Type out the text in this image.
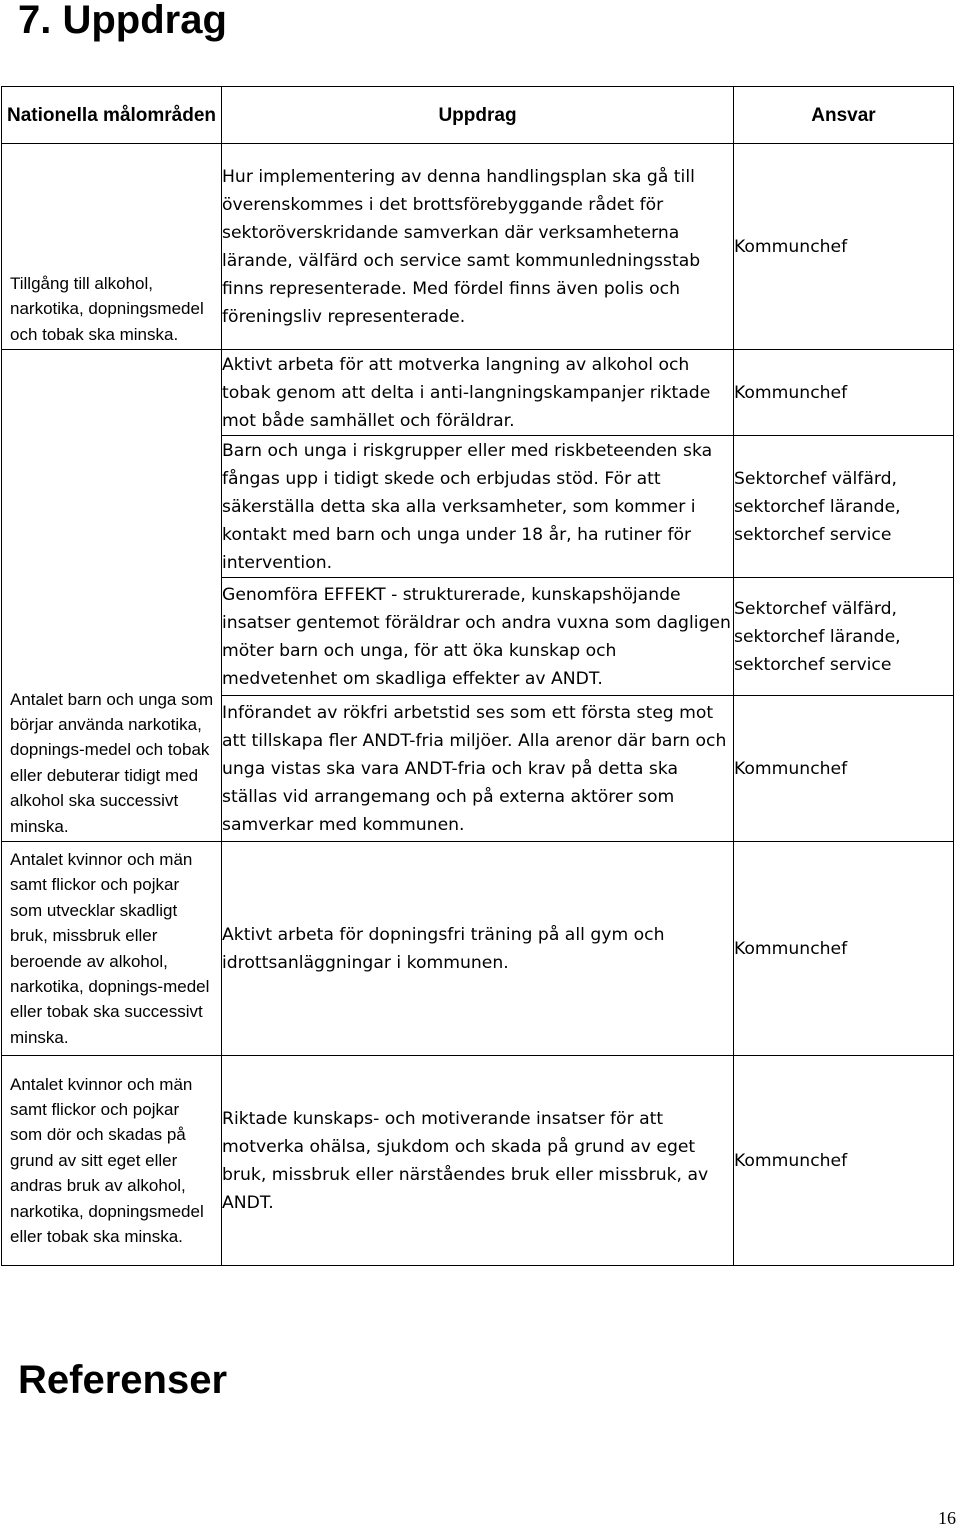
7. Uppdrag
Nationella målområden	Uppdrag	Ansvar
Tillgång till alkohol, narkotika, dopningsmedel och tobak ska minska.	Hur implementering av denna handlingsplan ska gå till överenskommes i det brottsförebyggande rådet för sektoröverskridande samverkan där verksamheterna lärande, välfärd och service samt kommunledningsstab finns representerade. Med fördel finns även polis och föreningsliv representerade.	Kommunchef
Antalet barn och unga som börjar använda narkotika, dopnings-medel och tobak eller debuterar tidigt med alkohol ska successivt minska.	Aktivt arbeta för att motverka langning av alkohol och tobak genom att delta i anti-langningskampanjer riktade mot både samhället och föräldrar.	Kommunchef
	Barn och unga i riskgrupper eller med riskbeteenden ska fångas upp i tidigt skede och erbjudas stöd. För att säkerställa detta ska alla verksamheter, som kommer i kontakt med barn och unga under 18 år, ha rutiner för intervention.	Sektorchef välfärd, sektorchef lärande, sektorchef service
	Genomföra EFFEKT - strukturerade, kunskapshöjande insatser gentemot föräldrar och andra vuxna som dagligen möter barn och unga, för att öka kunskap och medvetenhet om skadliga effekter av ANDT.	Sektorchef välfärd, sektorchef lärande, sektorchef service
	Införandet av rökfri arbetstid ses som ett första steg mot att tillskapa fler ANDT-fria miljöer. Alla arenor där barn och unga vistas ska vara ANDT-fria och krav på detta ska ställas vid arrangemang och på externa aktörer som samverkar med kommunen.	Kommunchef
Antalet kvinnor och män samt flickor och pojkar som utvecklar skadligt bruk, missbruk eller beroende av alkohol, narkotika, dopnings-medel eller tobak ska successivt minska.	Aktivt arbeta för dopningsfri träning på all gym och idrottsanläggningar i kommunen.	Kommunchef
Antalet kvinnor och män samt flickor och pojkar som dör och skadas på grund av sitt eget eller andras bruk av alkohol, narkotika, dopningsmedel eller tobak ska minska.	Riktade kunskaps- och motiverande insatser för att motverka ohälsa, sjukdom och skada på grund av eget bruk, missbruk eller närståendes bruk eller missbruk, av ANDT.	Kommunchef
Referenser
16
